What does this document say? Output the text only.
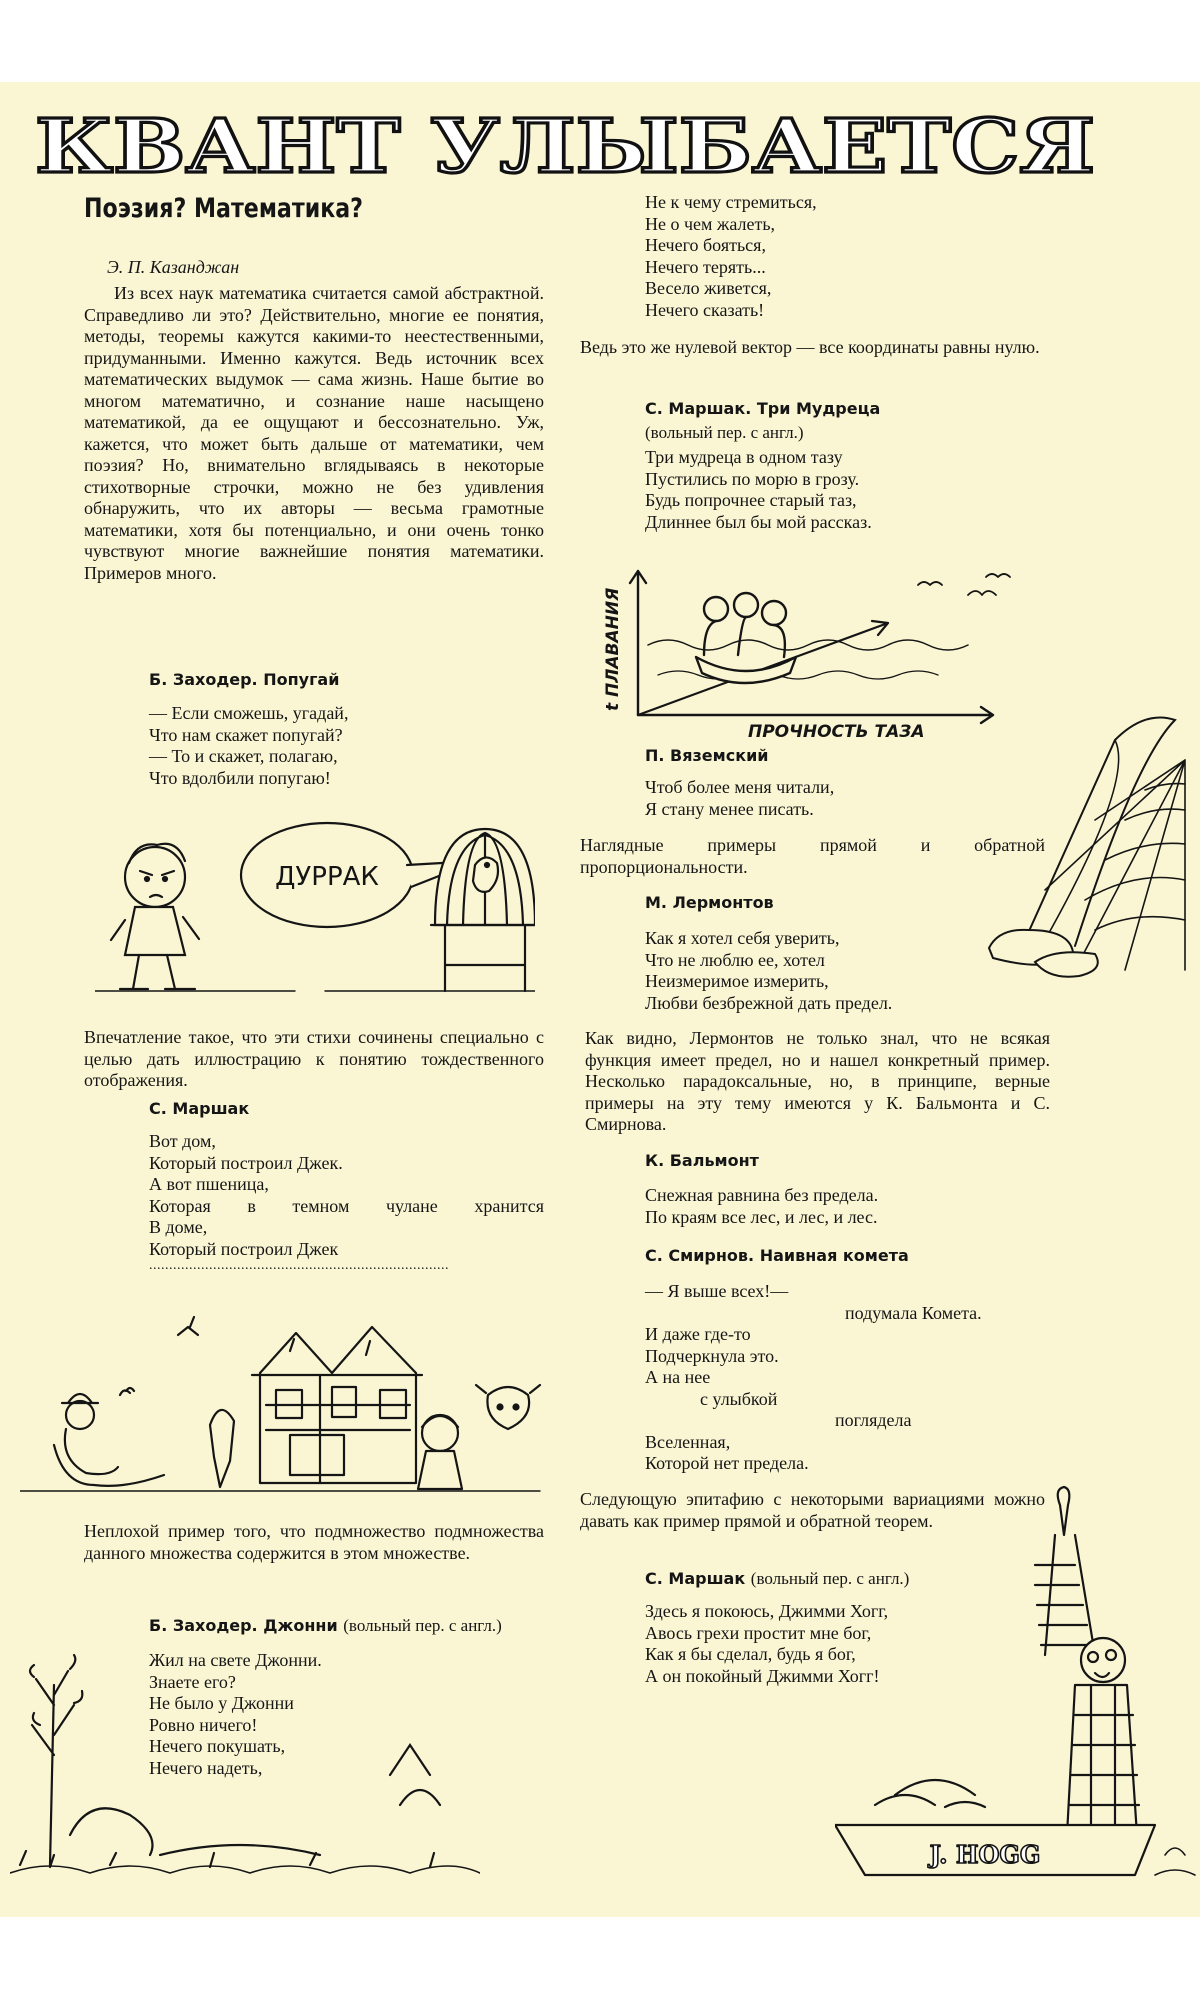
КВАНТ УЛЫБАЕТСЯ
Поэзия? Математика?
Э. П. Казанджан
Из всех наук математика считается самой абстрактной. Справедливо ли это? Действительно, многие ее понятия, методы, теоремы кажутся какими-то неестественными, придуманными. Именно кажутся. Ведь источник всех математических выдумок — сама жизнь. Наше бытие во многом математично, и сознание наше насыщено математикой, да ее ощущают и бессознательно. Уж, кажется, что может быть дальше от математики, чем поэзия? Но, внимательно вглядываясь в некоторые стихотворные строчки, можно не без удивления обнаружить, что их авторы — весьма грамотные математики, хотя бы потенциально, и они очень тонко чувствуют многие важнейшие понятия математики. Примеров много.
Б. Заходер. Попугай
— Если сможешь, угадай,
Что нам скажет попугай?
— То и скажет, полагаю,
Что вдолбили попугаю!
ДУРРАК
Впечатление такое, что эти стихи сочинены специально с целью дать иллюстрацию к понятию тождественного отображения.
С. Маршак
Вот дом,
Который построил Джек.
А вот пшеница,
Которая в темном чулане хранится
В доме,
Который построил Джек
...........................................................................
Неплохой пример того, что подмножество подмножества данного множества содержится в этом множестве.
Б. Заходер. Джонни (вольный пер. с англ.)
Жил на свете Джонни.
Знаете его?
Не было у Джонни
Ровно ничего!
Нечего покушать,
Нечего надеть,
Не к чему стремиться,
Не о чем жалеть,
Нечего бояться,
Нечего терять...
Весело живется,
Нечего сказать!
Ведь это же нулевой вектор — все координаты равны нулю.
С. Маршак. Три Мудреца
(вольный пер. с англ.)
Три мудреца в одном тазу
Пустились по морю в грозу.
Будь попрочнее старый таз,
Длиннее был бы мой рассказ.
t ПЛАВАНИЯ
ПРОЧНОСТЬ ТАЗА
П. Вяземский
Чтоб более меня читали,
Я стану менее писать.
Наглядные примеры прямой и обратной пропорциональности.
М. Лермонтов
Как я хотел себя уверить,
Что не люблю ее, хотел
Неизмеримое измерить,
Любви безбрежной дать предел.
Как видно, Лермонтов не только знал, что не всякая функция имеет предел, но и нашел конкретный пример. Несколько парадоксальные, но, в принципе, верные примеры на эту тему имеются у К. Бальмонта и С. Смирнова.
К. Бальмонт
Снежная равнина без предела.
По краям все лес, и лес, и лес.
С. Смирнов. Наивная комета
— Я выше всех!—
подумала Комета.
И даже где-то
Подчеркнула это.
А на нее
с улыбкой
поглядела
Вселенная,
Которой нет предела.
Следующую эпитафию с некоторыми вариациями можно давать как пример прямой и обратной теорем.
С. Маршак (вольный пер. с англ.)
Здесь я покоюсь, Джимми Хогг,
Авось грехи простит мне бог,
Как я бы сделал, будь я бог,
А он покойный Джимми Хогг!
J. HOGG
